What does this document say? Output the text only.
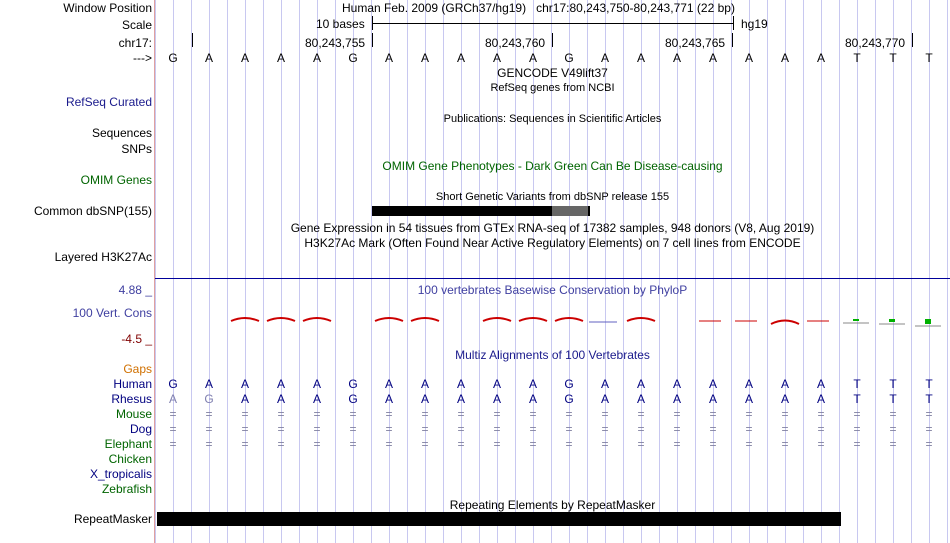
Window Position	Human Feb. 2009 (GRCh37/hg19) chr17:80,243,750-80,243,771 (22 bp)
Scale	10 bases	hg19
chr17:	80,243,755	80,243,760	80,243,765	80,243,770
--->	G	A	A	A	A	G	A	A	A	A	A	G	A	A	A	A	A	A	A	T	T	T
GENCODE V49lift37
RefSeq genes from NCBI
RefSeq Curated
Publications: Sequences in Scientific Articles
Sequences
SNPs
OMIM Gene Phenotypes - Dark Green Can Be Disease-causing
OMIM Genes
Short Genetic Variants from dbSNP release 155
Common dbSNP(155)
Gene Expression in 54 tissues from GTEx RNA-seq of 17382 samples, 948 donors (V8, Aug 2019)
H3K27Ac Mark (Often Found Near Active Regulatory Elements) on 7 cell lines from ENCODE
Layered H3K27Ac
4.88 _	100 vertebrates Basewise Conservation by PhyloP
100 Vert. Cons
-4.5 _
Multiz Alignments of 100 Vertebrates
Gaps
Human	G	A	A	A	A	G	A	A	A	A	A	G	A	A	A	A	A	A	A	T	T	T
Rhesus	A	G	A	A	A	G	A	A	A	A	A	G	A	A	A	A	A	A	A	T	T	T
Mouse	=	=	=	=	=	=	=	=	=	=	=	=	=	=	=	=	=	=	=	=	=	=
Dog	=	=	=	=	=	=	=	=	=	=	=	=	=	=	=	=	=	=	=	=	=	=
Elephant	=	=	=	=	=	=	=	=	=	=	=	=	=	=	=	=	=	=	=	=	=	=
Chicken
X_tropicalis
Zebrafish
Repeating Elements by RepeatMasker
RepeatMasker
